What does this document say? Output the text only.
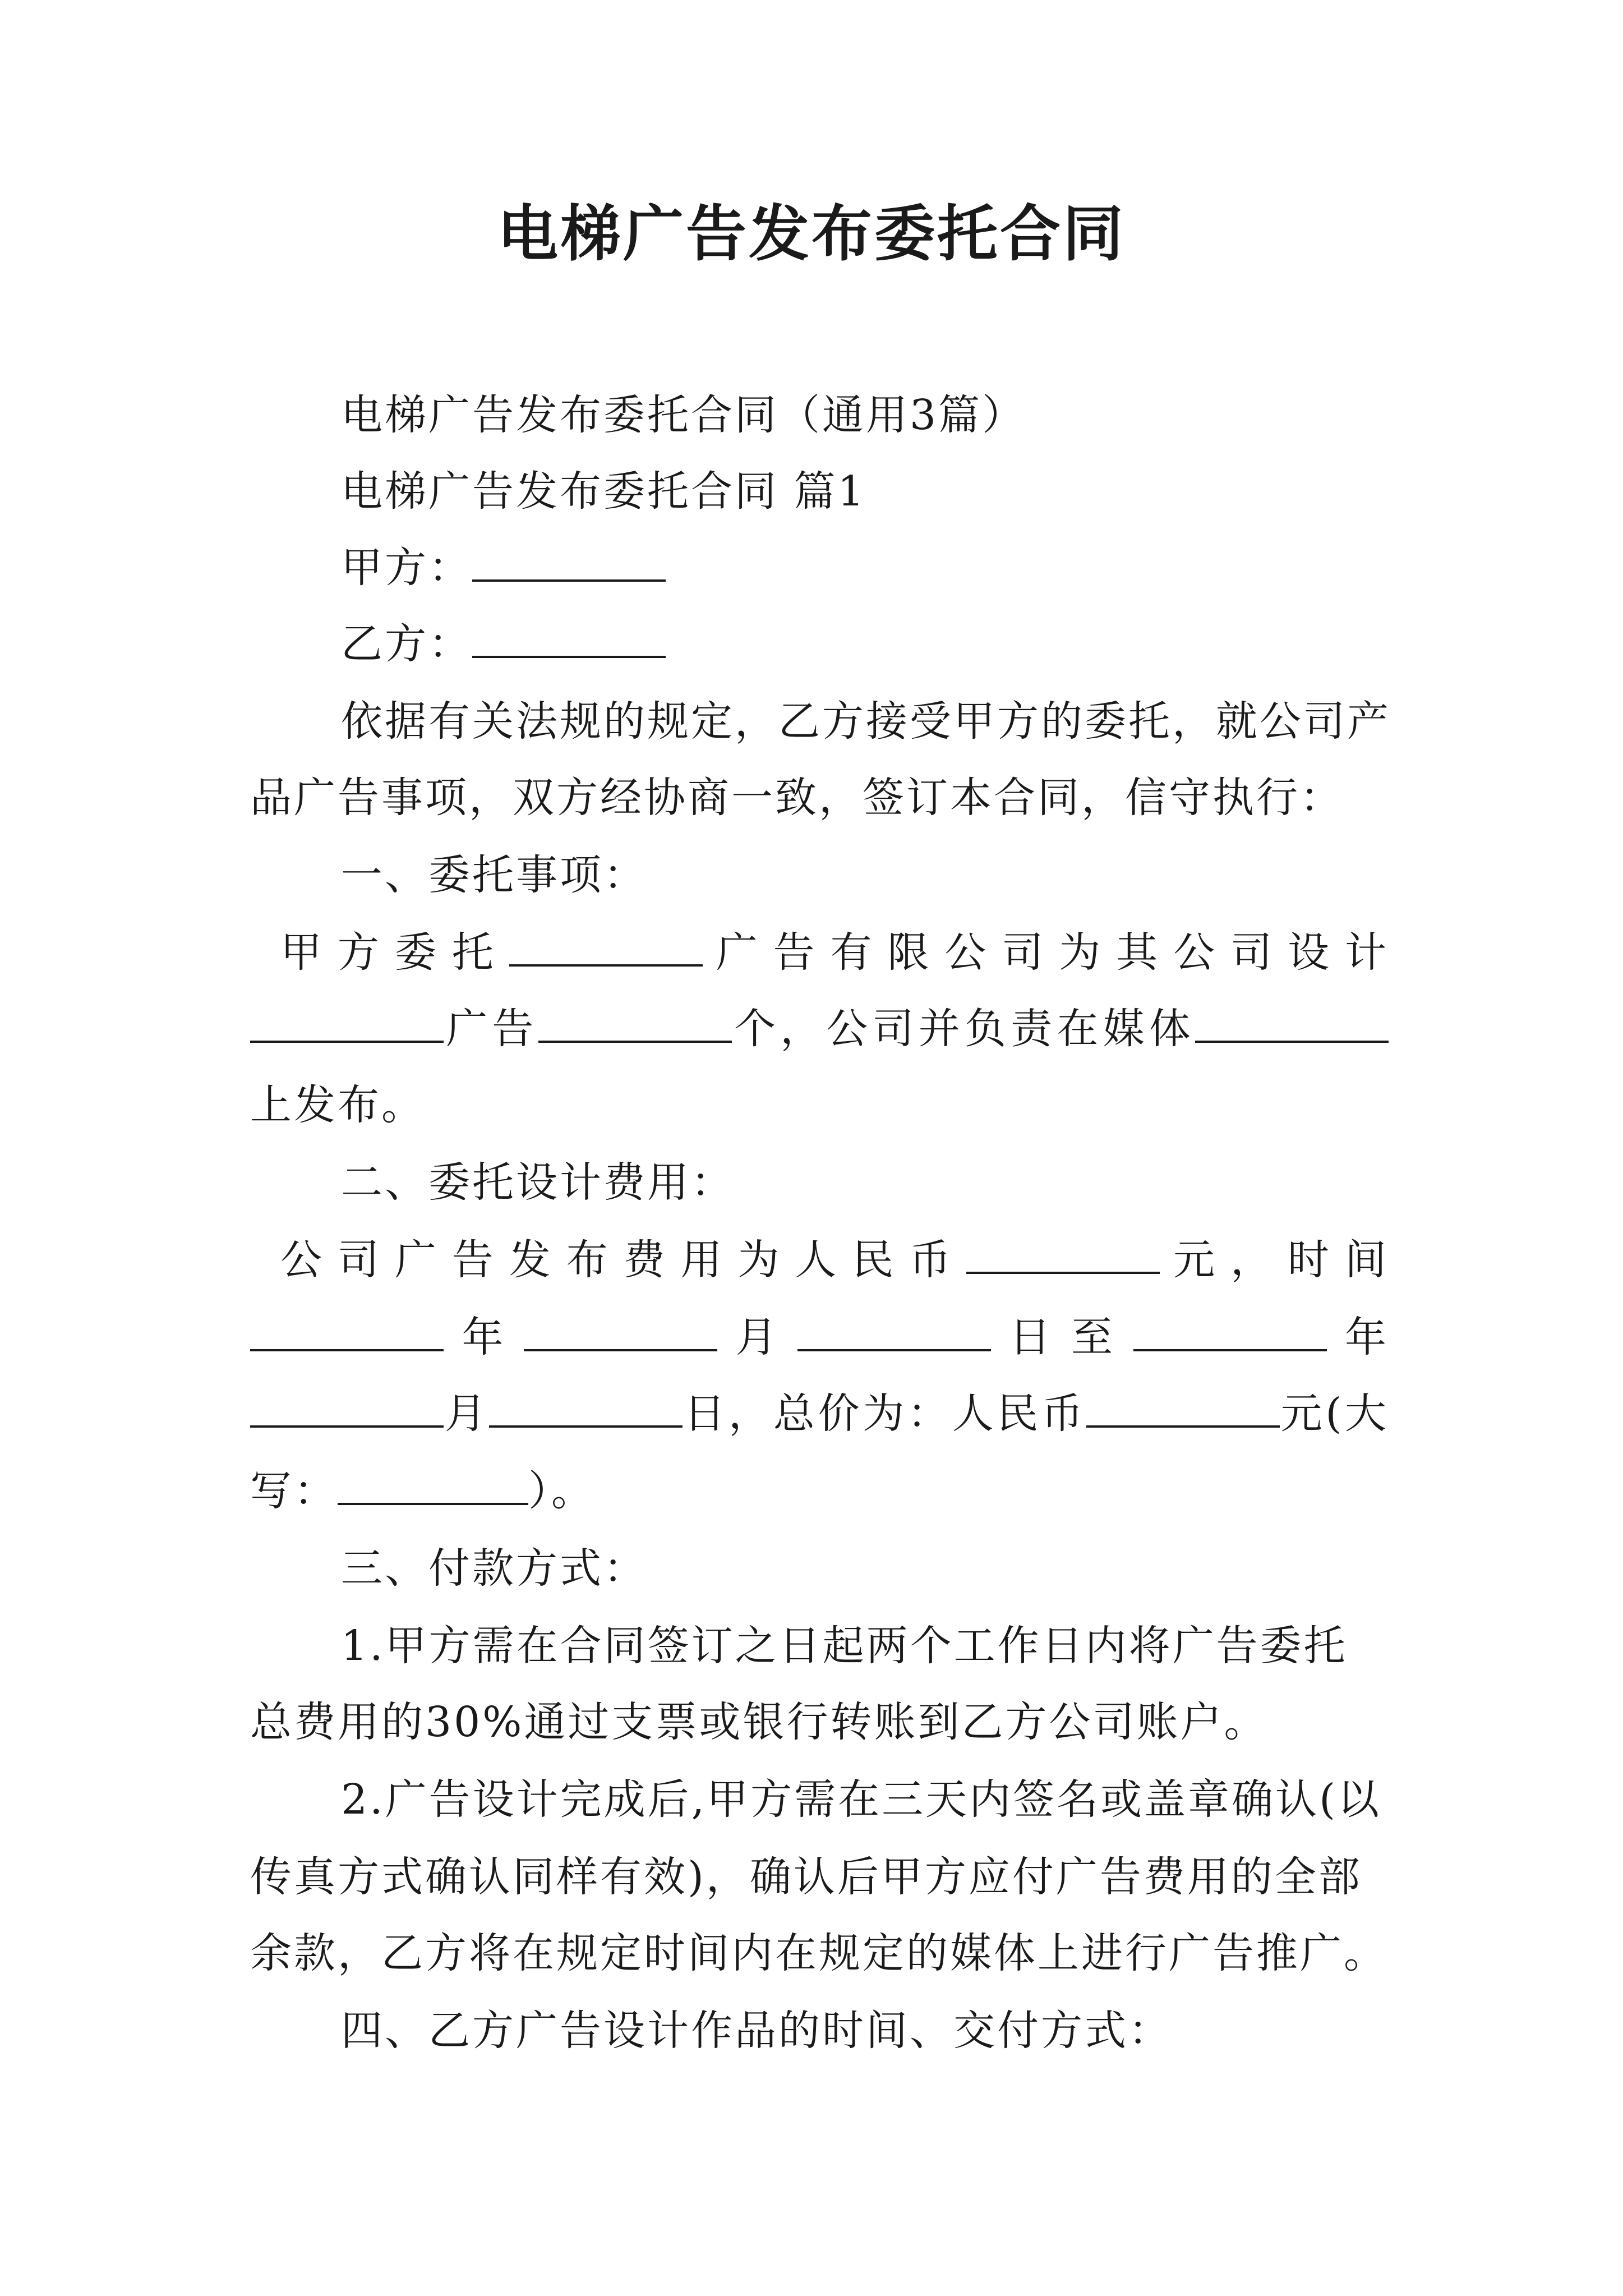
电梯广告发布委托合同
电梯广告发布委托合同（通用3篇）
电梯广告发布委托合同 篇1
甲方：
乙方：
依据有关法规的规定，乙方接受甲方的委托，就公司产
品广告事项，双方经协商一致，签订本合同，信守执行：
一、委托事项：
甲方委托	广告有限公司为其公司设计
广告	个，公司并负责在媒体
上发布。
二、委托设计费用：
公司广告发布费用为人民币	元，时间
年	月	日至	年
月	日，总价为：人民币	元(大
写：	）。
三、付款方式：
1.甲方需在合同签订之日起两个工作日内将广告委托
总费用的30%通过支票或银行转账到乙方公司账户。
2.广告设计完成后,甲方需在三天内签名或盖章确认(以
传真方式确认同样有效)，确认后甲方应付广告费用的全部
余款，乙方将在规定时间内在规定的媒体上进行广告推广。
四、乙方广告设计作品的时间、交付方式：
